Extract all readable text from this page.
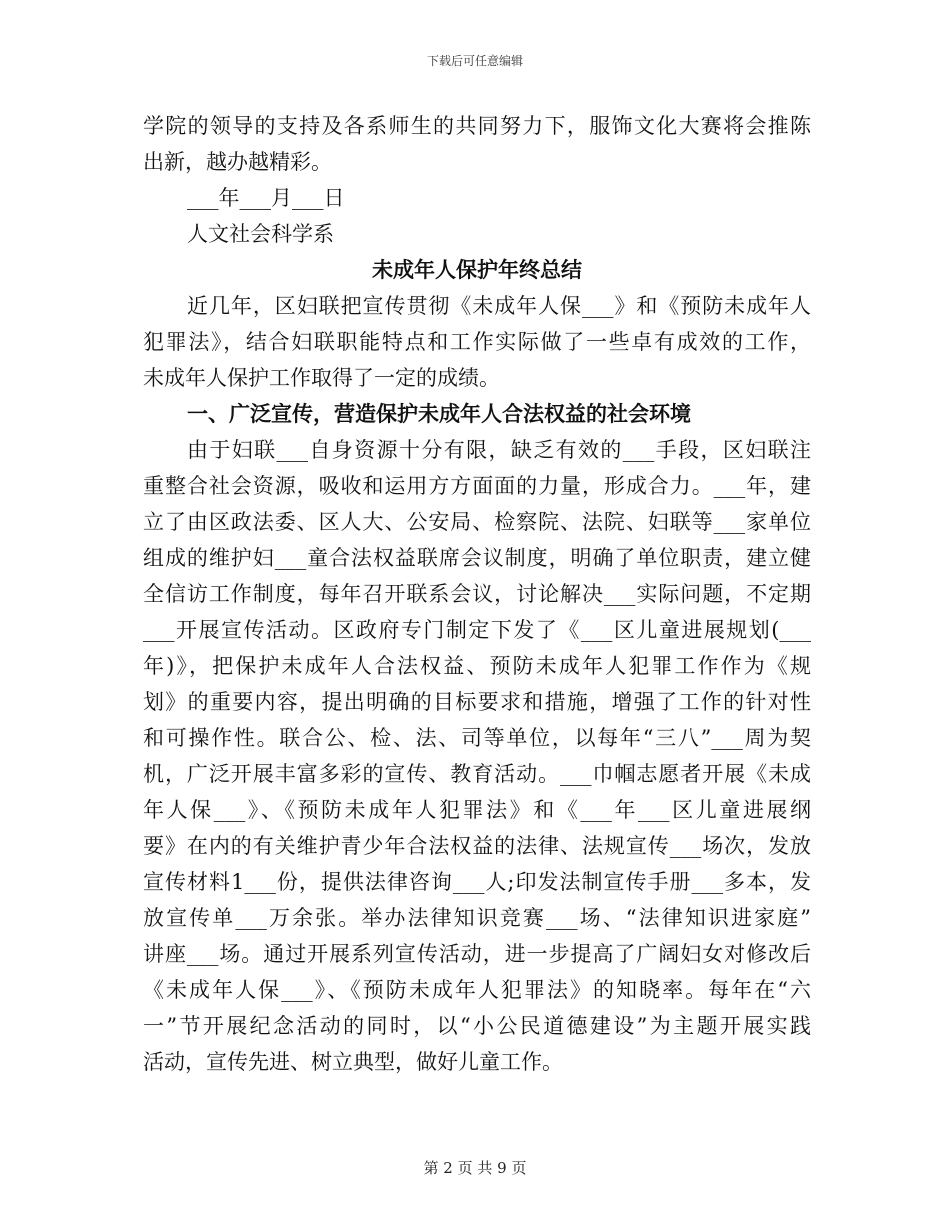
下载后可任意编辑
学院的领导的支持及各系师生的共同努力下，服饰文化大赛将会推陈
出新，越办越精彩。
___年___月___日
人文社会科学系
未成年人保护年终总结
近几年，区妇联把宣传贯彻《未成年人保___》和《预防未成年人
犯罪法》，结合妇联职能特点和工作实际做了一些卓有成效的工作，
未成年人保护工作取得了一定的成绩。
一、广泛宣传，营造保护未成年人合法权益的社会环境
由于妇联___自身资源十分有限，缺乏有效的___手段，区妇联注
重整合社会资源，吸收和运用方方面面的力量，形成合力。___年，建
立了由区政法委、区人大、公安局、检察院、法院、妇联等___家单位
组成的维护妇___童合法权益联席会议制度，明确了单位职责，建立健
全信访工作制度，每年召开联系会议，讨论解决___实际问题，不定期
___开展宣传活动。区政府专门制定下发了《___区儿童进展规划(___
年)》，把保护未成年人合法权益、预防未成年人犯罪工作作为《规
划》的重要内容，提出明确的目标要求和措施，增强了工作的针对性
和可操作性。联合公、检、法、司等单位，以每年“三八”___周为契
机，广泛开展丰富多彩的宣传、教育活动。___巾帼志愿者开展《未成
年人保___》、《预防未成年人犯罪法》和《___年___区儿童进展纲
要》在内的有关维护青少年合法权益的法律、法规宣传___场次，发放
宣传材料1___份，提供法律咨询___人;印发法制宣传手册___多本，发
放宣传单___万余张。举办法律知识竞赛___场、“法律知识进家庭”
讲座___场。通过开展系列宣传活动，进一步提高了广阔妇女对修改后
《未成年人保___》、《预防未成年人犯罪法》的知晓率。每年在“六
一”节开展纪念活动的同时，以“小公民道德建设”为主题开展实践
活动，宣传先进、树立典型，做好儿童工作。
第 2 页 共 9 页
